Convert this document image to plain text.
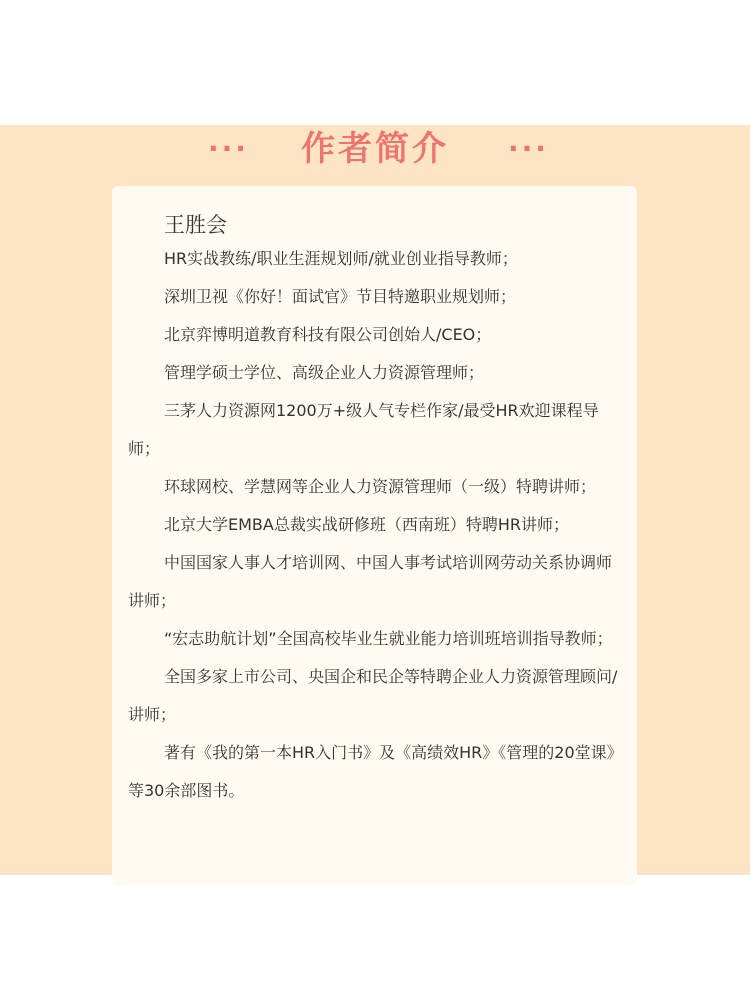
···	作者简介	···

王胜会

HR实战教练/职业生涯规划师/就业创业指导教师；

深圳卫视《你好！面试官》节目特邀职业规划师；

北京弈博明道教育科技有限公司创始人/CEO；

管理学硕士学位、高级企业人力资源管理师；

三茅人力资源网1200万+级人气专栏作家/最受HR欢迎课程导师；

环球网校、学慧网等企业人力资源管理师（一级）特聘讲师；

北京大学EMBA总裁实战研修班（西南班）特聘HR讲师；

中国国家人事人才培训网、中国人事考试培训网劳动关系协调师讲师；

“宏志助航计划”全国高校毕业生就业能力培训班培训指导教师；

全国多家上市公司、央国企和民企等特聘企业人力资源管理顾问/讲师；

著有《我的第一本HR入门书》及《高绩效HR》《管理的20堂课》等30余部图书。
